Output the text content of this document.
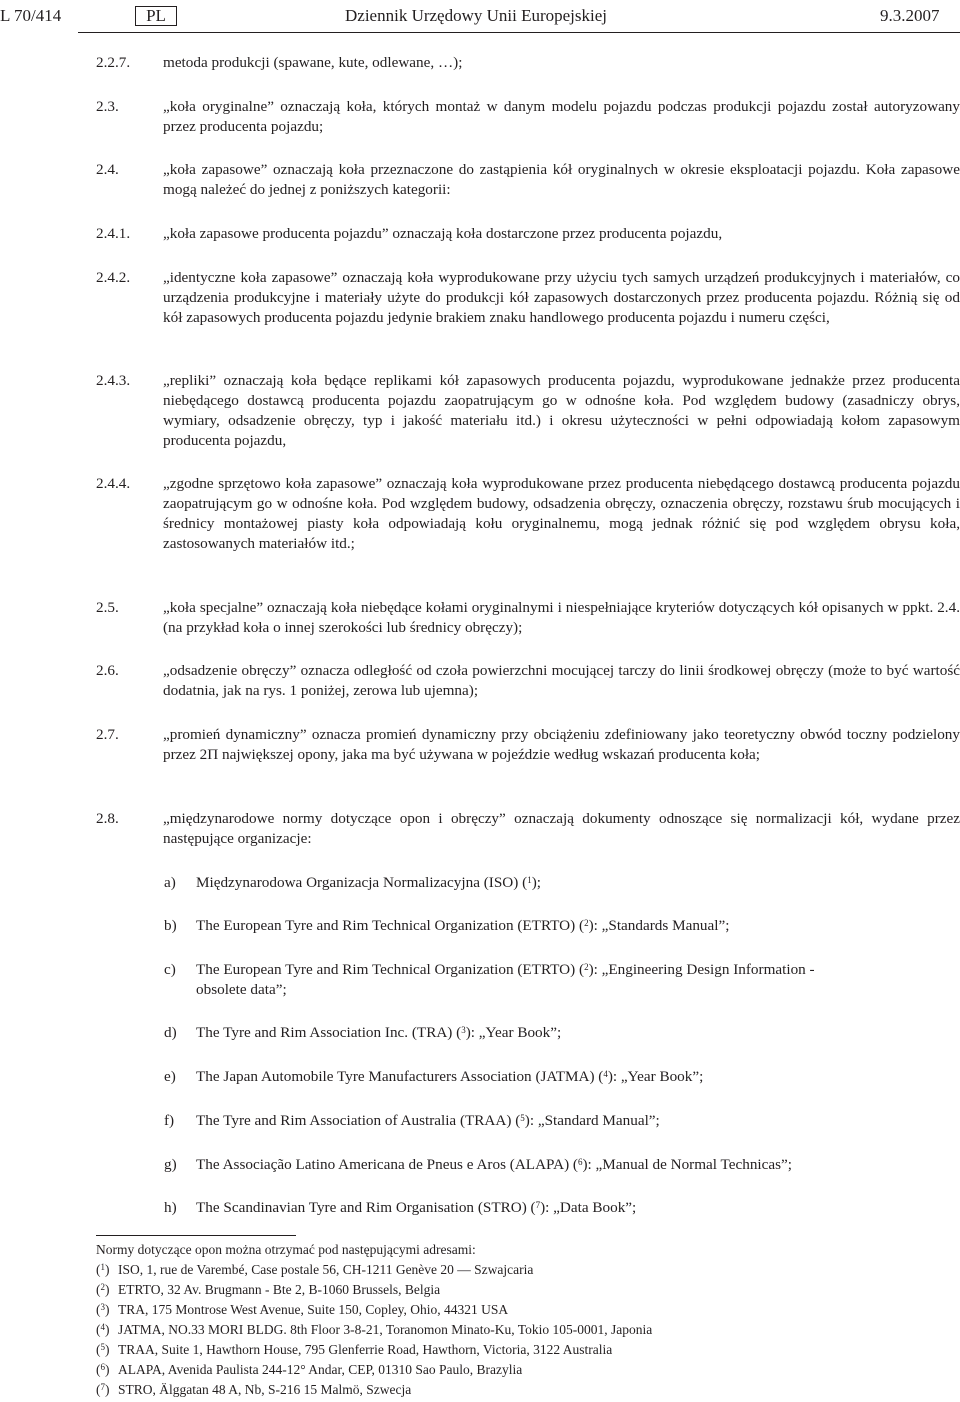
L 70/414	PL	Dziennik Urzędowy Unii Europejskiej	9.3.2007
2.2.7. metoda produkcji (spawane, kute, odlewane, …);
2.3.	„koła oryginalne” oznaczają koła, których montaż w danym modelu pojazdu podczas produkcji pojazdu został autoryzowany przez producenta pojazdu;
2.4.	„koła zapasowe” oznaczają koła przeznaczone do zastąpienia kół oryginalnych w okresie eksploatacji pojazdu. Koła zapasowe mogą należeć do jednej z poniższych kategorii:
2.4.1. „koła zapasowe producenta pojazdu” oznaczają koła dostarczone przez producenta pojazdu,
2.4.2. „identyczne koła zapasowe” oznaczają koła wyprodukowane przy użyciu tych samych urządzeń produkcyjnych i materiałów, co urządzenia produkcyjne i materiały użyte do produkcji kół zapasowych dostarczonych przez producenta pojazdu. Różnią się od kół zapasowych producenta pojazdu jedynie brakiem znaku handlowego producenta pojazdu i numeru części,
2.4.3. „repliki” oznaczają koła będące replikami kół zapasowych producenta pojazdu, wyprodukowane jednakże przez producenta niebędącego dostawcą producenta pojazdu zaopatrującym go w odnośne koła. Pod względem budowy (zasadniczy obrys, wymiary, odsadzenie obręczy, typ i jakość materiału itd.) i okresu użyteczności w pełni odpowiadają kołom zapasowym producenta pojazdu,
2.4.4. „zgodne sprzętowo koła zapasowe” oznaczają koła wyprodukowane przez producenta niebędącego dostawcą producenta pojazdu zaopatrującym go w odnośne koła. Pod względem budowy, odsadzenia obręczy, oznaczenia obręczy, rozstawu śrub mocujących i średnicy montażowej piasty koła odpowiadają kołu oryginalnemu, mogą jednak różnić się pod względem obrysu koła, zastosowanych materiałów itd.;
2.5.	„koła specjalne” oznaczają koła niebędące kołami oryginalnymi i niespełniające kryteriów dotyczących kół opisanych w ppkt. 2.4. (na przykład koła o innej szerokości lub średnicy obręczy);
2.6.	„odsadzenie obręczy” oznacza odległość od czoła powierzchni mocującej tarczy do linii środkowej obręczy (może to być wartość dodatnia, jak na rys. 1 poniżej, zerowa lub ujemna);
2.7.	„promień dynamiczny” oznacza promień dynamiczny przy obciążeniu zdefiniowany jako teoretyczny obwód toczny podzielony przez 2Π największej opony, jaka ma być używana w pojeździe według wskazań producenta koła;
2.8.	„międzynarodowe normy dotyczące opon i obręczy” oznaczają dokumenty odnoszące się normalizacji kół, wydane przez następujące organizacje:
a) Międzynarodowa Organizacja Normalizacyjna (ISO) ($^1$);
b) The European Tyre and Rim Technical Organization (ETRTO) ($^2$): „Standards Manual”;
c) The European Tyre and Rim Technical Organization (ETRTO) ($^2$): „Engineering Design Information - obsolete data”;
d) The Tyre and Rim Association Inc. (TRA) ($^3$): „Year Book”;
e) The Japan Automobile Tyre Manufacturers Association (JATMA) ($^4$): „Year Book”;
f) The Tyre and Rim Association of Australia (TRAA) ($^5$): „Standard Manual”;
g) The Associação Latino Americana de Pneus e Aros (ALAPA) ($^6$): „Manual de Normal Technicas”;
h) The Scandinavian Tyre and Rim Organisation (STRO) ($^7$): „Data Book”;
Normy dotyczące opon można otrzymać pod następującymi adresami:
($^1$) ISO, 1, rue de Varembé, Case postale 56, CH-1211 Genève 20 — Szwajcaria
($^2$) ETRTO, 32 Av. Brugmann - Bte 2, B-1060 Brussels, Belgia
($^3$) TRA, 175 Montrose West Avenue, Suite 150, Copley, Ohio, 44321 USA
($^4$) JATMA, NO.33 MORI BLDG. 8th Floor 3-8-21, Toranomon Minato-Ku, Tokio 105-0001, Japonia
($^5$) TRAA, Suite 1, Hawthorn House, 795 Glenferrie Road, Hawthorn, Victoria, 3122 Australia
($^6$) ALAPA, Avenida Paulista 244-12° Andar, CEP, 01310 Sao Paulo, Brazylia
($^7$) STRO, Älggatan 48 A, Nb, S-216 15 Malmö, Szwecja
